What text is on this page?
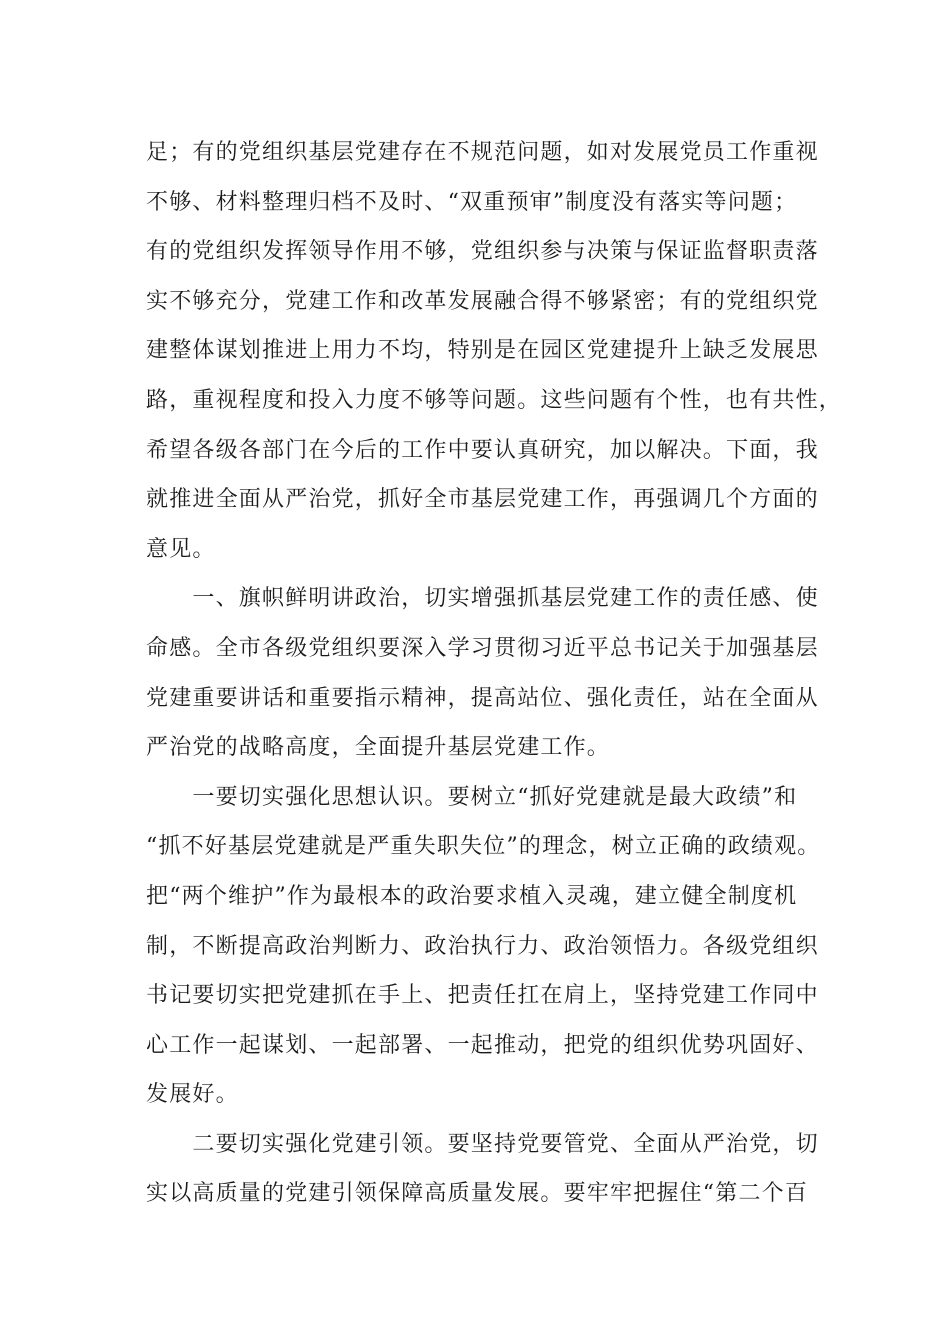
足；有的党组织基层党建存在不规范问题，如对发展党员工作重视
不够、材料整理归档不及时、“双重预审”制度没有落实等问题；
有的党组织发挥领导作用不够，党组织参与决策与保证监督职责落
实不够充分，党建工作和改革发展融合得不够紧密；有的党组织党
建整体谋划推进上用力不均，特别是在园区党建提升上缺乏发展思
路，重视程度和投入力度不够等问题。这些问题有个性，也有共性，
希望各级各部门在今后的工作中要认真研究，加以解决。下面，我
就推进全面从严治党，抓好全市基层党建工作，再强调几个方面的
意见。
　　一、旗帜鲜明讲政治，切实增强抓基层党建工作的责任感、使
命感。全市各级党组织要深入学习贯彻习近平总书记关于加强基层
党建重要讲话和重要指示精神，提高站位、强化责任，站在全面从
严治党的战略高度，全面提升基层党建工作。
　　一要切实强化思想认识。要树立“抓好党建就是最大政绩”和
“抓不好基层党建就是严重失职失位”的理念，树立正确的政绩观。
把“两个维护”作为最根本的政治要求植入灵魂，建立健全制度机
制，不断提高政治判断力、政治执行力、政治领悟力。各级党组织
书记要切实把党建抓在手上、把责任扛在肩上，坚持党建工作同中
心工作一起谋划、一起部署、一起推动，把党的组织优势巩固好、
发展好。
　　二要切实强化党建引领。要坚持党要管党、全面从严治党，切
实以高质量的党建引领保障高质量发展。要牢牢把握住“第二个百
